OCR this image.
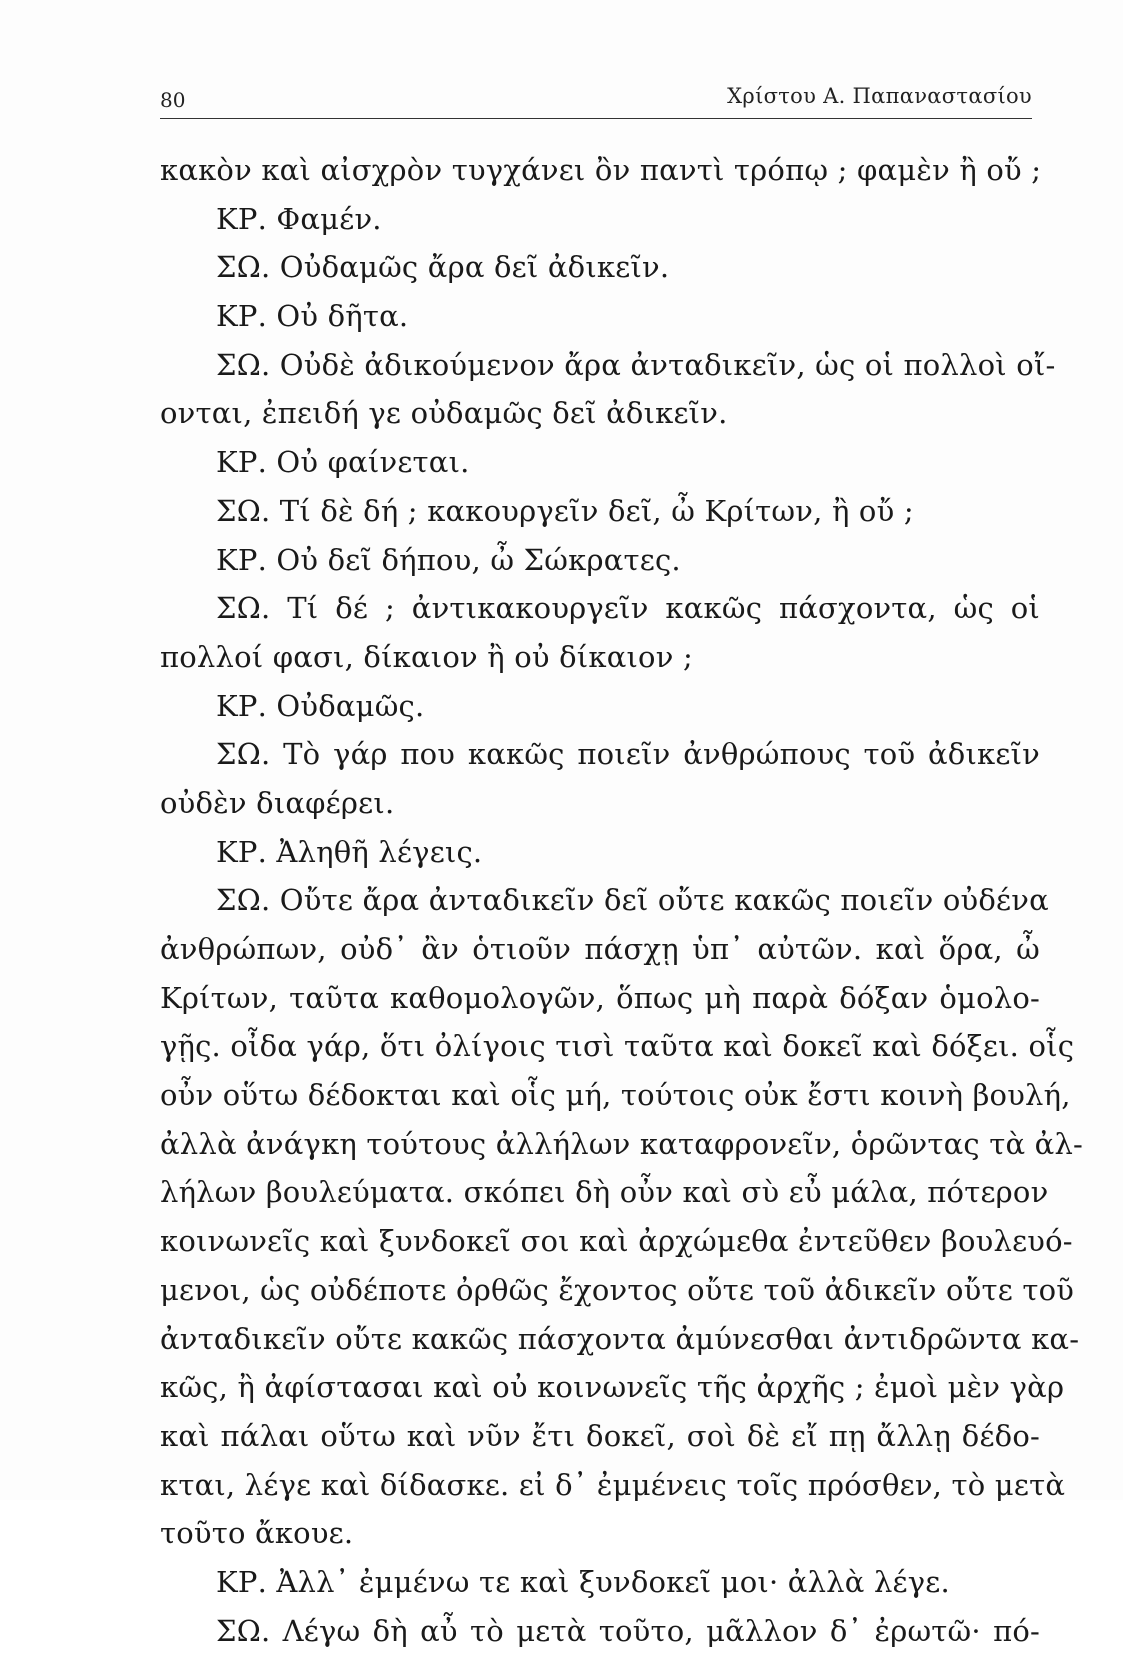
80	Χρίστου Α. Παπαναστασίου
κακὸν καὶ αἰσχρὸν τυγχάνει ὂν παντὶ τρόπῳ ; φαμὲν ἢ οὔ ;
ΚΡ. Φαμέν.
ΣΩ. Οὐδαμῶς ἄρα δεῖ ἀδικεῖν.
ΚΡ. Οὐ δῆτα.
ΣΩ. Οὐδὲ ἀδικούμενον ἄρα ἀνταδικεῖν, ὡς οἱ πολλοὶ οἴ-
ονται, ἐπειδή γε οὐδαμῶς δεῖ ἀδικεῖν.
ΚΡ. Οὐ φαίνεται.
ΣΩ. Τί δὲ δή ; κακουργεῖν δεῖ, ὦ Κρίτων, ἢ οὔ ;
ΚΡ. Οὐ δεῖ δήπου, ὦ Σώκρατες.
ΣΩ. Τί δέ ; ἀντικακουργεῖν κακῶς πάσχοντα, ὡς οἱ
πολλοί φασι, δίκαιον ἢ οὐ δίκαιον ;
ΚΡ. Οὐδαμῶς.
ΣΩ. Τὸ γάρ που κακῶς ποιεῖν ἀνθρώπους τοῦ ἀδικεῖν
οὐδὲν διαφέρει.
ΚΡ. Ἀληθῆ λέγεις.
ΣΩ. Οὔτε ἄρα ἀνταδικεῖν δεῖ οὔτε κακῶς ποιεῖν οὐδένα
ἀνθρώπων, οὐδ᾽ ἂν ὁτιοῦν πάσχῃ ὑπ᾽ αὐτῶν. καὶ ὅρα, ὦ
Κρίτων, ταῦτα καθομολογῶν, ὅπως μὴ παρὰ δόξαν ὁμολο-
γῇς. οἶδα γάρ, ὅτι ὀλίγοις τισὶ ταῦτα καὶ δοκεῖ καὶ δόξει. οἷς
οὖν οὕτω δέδοκται καὶ οἷς μή, τούτοις οὐκ ἔστι κοινὴ βουλή,
ἀλλὰ ἀνάγκη τούτους ἀλλήλων καταφρονεῖν, ὁρῶντας τὰ ἀλ-
λήλων βουλεύματα. σκόπει δὴ οὖν καὶ σὺ εὖ μάλα, πότερον
κοινωνεῖς καὶ ξυνδοκεῖ σοι καὶ ἀρχώμεθα ἐντεῦθεν βουλευό-
μενοι, ὡς οὐδέποτε ὀρθῶς ἔχοντος οὔτε τοῦ ἀδικεῖν οὔτε τοῦ
ἀνταδικεῖν οὔτε κακῶς πάσχοντα ἀμύνεσθαι ἀντιδρῶντα κα-
κῶς, ἢ ἀφίστασαι καὶ οὐ κοινωνεῖς τῆς ἀρχῆς ; ἐμοὶ μὲν γὰρ
καὶ πάλαι οὕτω καὶ νῦν ἔτι δοκεῖ, σοὶ δὲ εἴ πῃ ἄλλῃ δέδο-
κται, λέγε καὶ δίδασκε. εἰ δ᾽ ἐμμένεις τοῖς πρόσθεν, τὸ μετὰ
τοῦτο ἄκουε.
ΚΡ. Ἀλλ᾽ ἐμμένω τε καὶ ξυνδοκεῖ μοι· ἀλλὰ λέγε.
ΣΩ. Λέγω δὴ αὖ τὸ μετὰ τοῦτο, μᾶλλον δ᾽ ἐρωτῶ· πό-
